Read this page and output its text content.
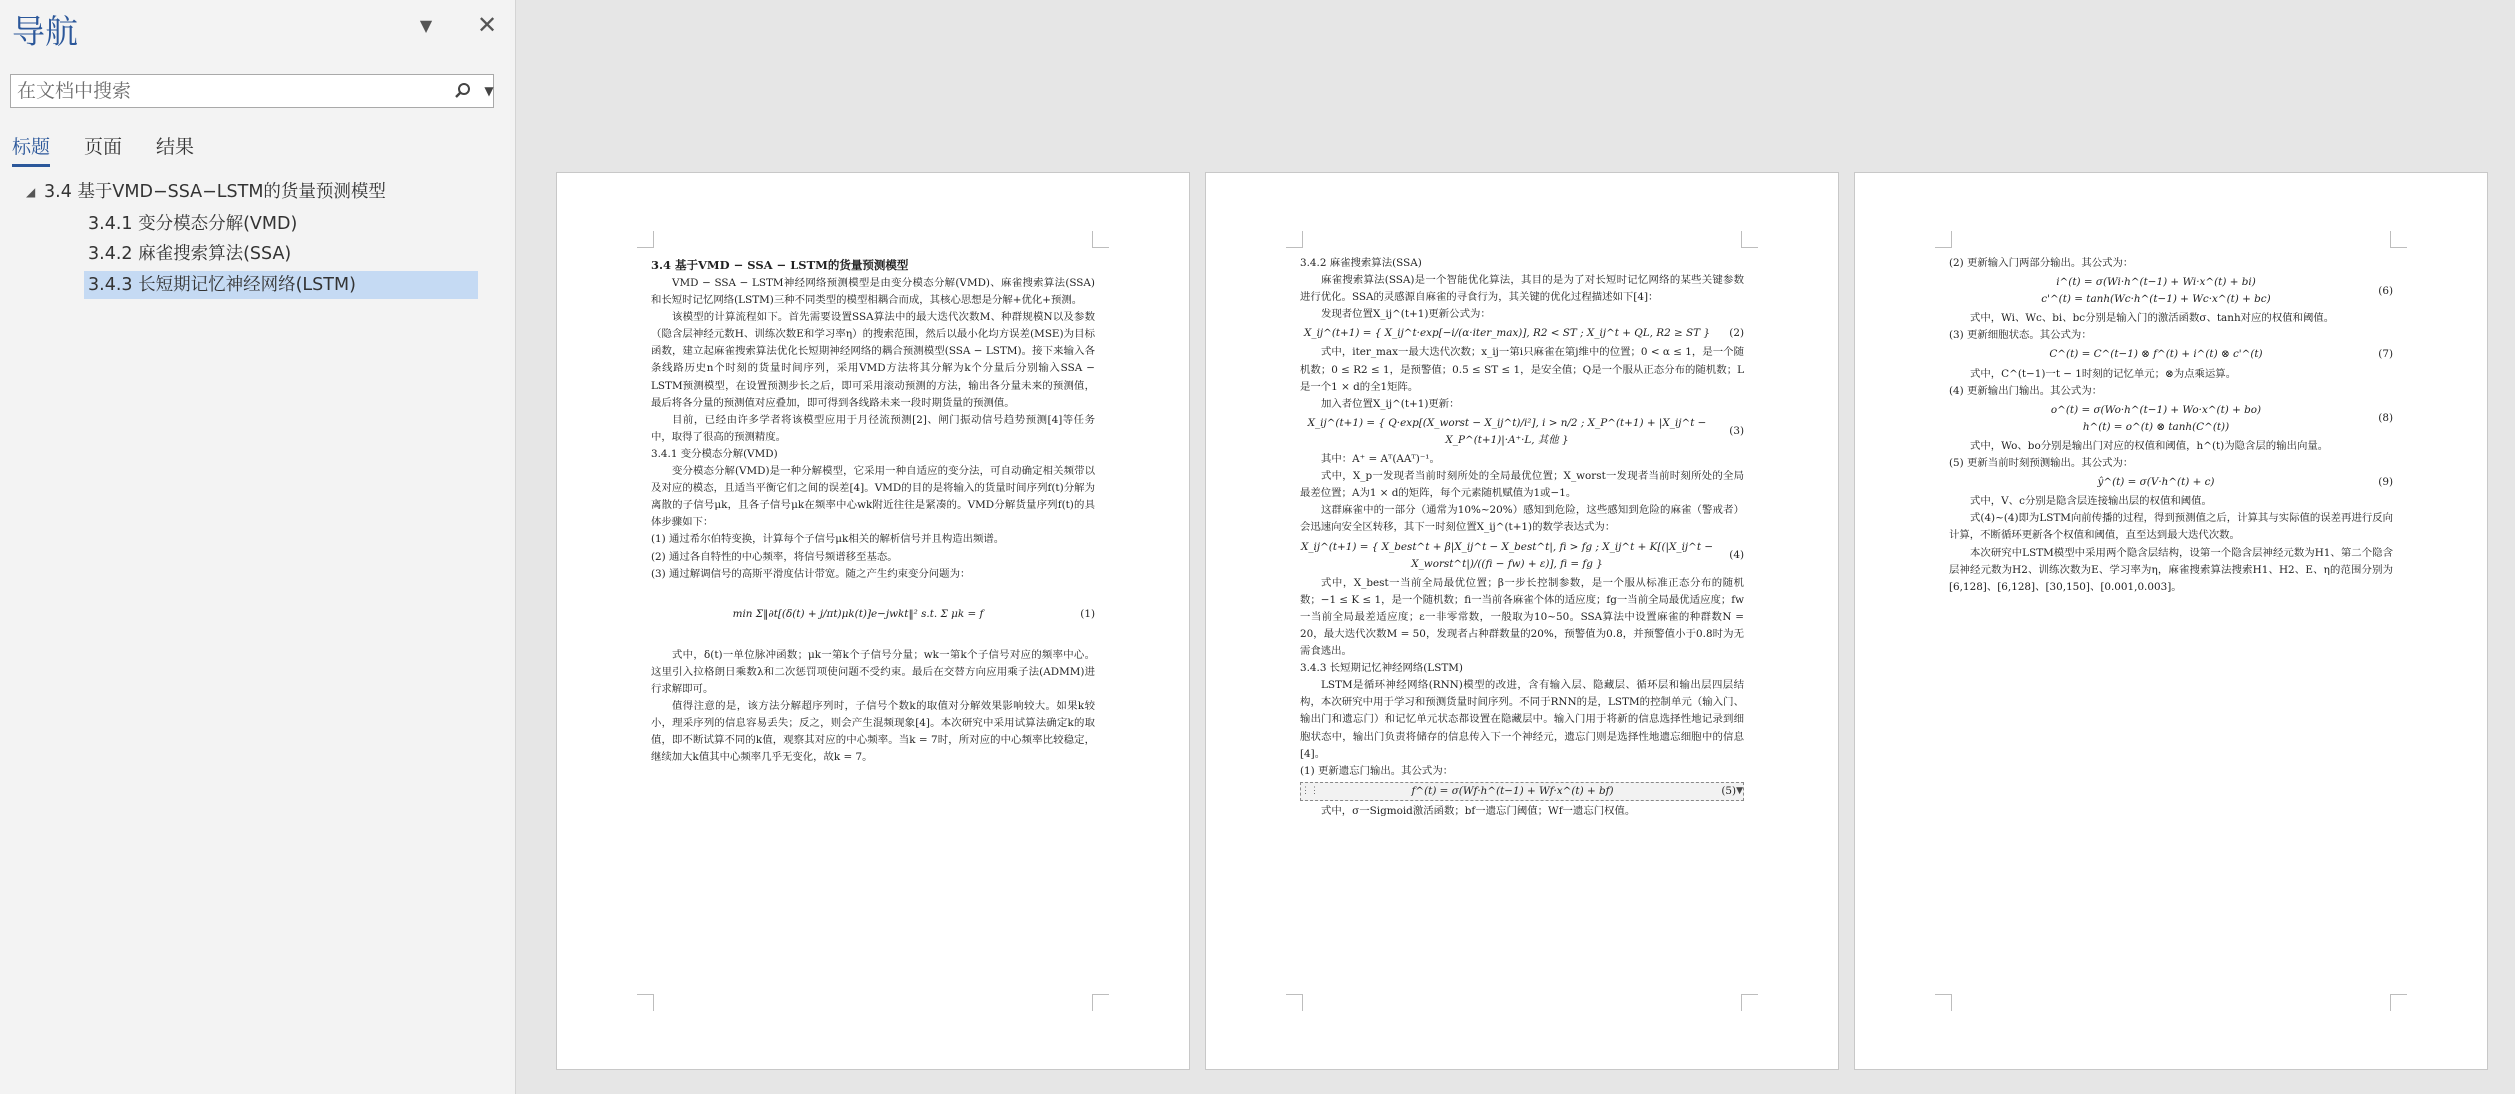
导航	▼ ✕
在文档中搜索
▼
标题 页面 结果
◢ 3.4 基于VMD−SSA−LSTM的货量预测模型
3.4.1 变分模态分解(VMD)
3.4.2 麻雀搜索算法(SSA)
3.4.3 长短期记忆神经网络(LSTM)
3.4 基于VMD − SSA − LSTM的货量预测模型

VMD − SSA − LSTM神经网络预测模型是由变分模态分解(VMD)、麻雀搜索算法(SSA)和长短时记忆网络(LSTM)三种不同类型的模型相耦合而成，其核心思想是分解+优化+预测。

该模型的计算流程如下。首先需要设置SSA算法中的最大迭代次数M、种群规模N以及参数（隐含层神经元数H、训练次数E和学习率η）的搜索范围，然后以最小化均方误差(MSE)为目标函数，建立起麻雀搜索算法优化长短期神经网络的耦合预测模型(SSA − LSTM)。接下来输入各条线路历史n个时刻的货量时间序列，采用VMD方法将其分解为k个分量后分别输入SSA − LSTM预测模型，在设置预测步长之后，即可采用滚动预测的方法，输出各分量未来的预测值，最后将各分量的预测值对应叠加，即可得到各线路未来一段时期货量的预测值。

目前，已经由许多学者将该模型应用于月径流预测[2]、闸门振动信号趋势预测[4]等任务中，取得了很高的预测精度。

3.4.1 变分模态分解(VMD)

变分模态分解(VMD)是一种分解模型，它采用一种自适应的变分法，可自动确定相关频带以及对应的模态，且适当平衡它们之间的误差[4]。VMD的目的是将输入的货量时间序列f(t)分解为离散的子信号μk，且各子信号μk在频率中心wk附近往往是紧凑的。VMD分解货量序列f(t)的具体步骤如下：

(1) 通过希尔伯特变换，计算每个子信号μk相关的解析信号并且构造出频谱。

(2) 通过各自特性的中心频率，将信号频谱移至基态。

(3) 通过解调信号的高斯平滑度估计带宽。随之产生约束变分问题为：

min Σ‖∂t[(δ(t) + j/πt)μk(t)]e−jwkt‖² s.t. Σ μk = f	(1)

式中，δ(t)一单位脉冲函数；μk一第k个子信号分量；wk一第k个子信号对应的频率中心。这里引入拉格朗日乘数λ和二次惩罚项使问题不受约束。最后在交替方向应用乘子法(ADMM)进行求解即可。

值得注意的是，该方法分解超序列时，子信号个数k的取值对分解效果影响较大。如果k较小，理采序列的信息容易丢失；反之，则会产生混频现象[4]。本次研究中采用试算法确定k的取值，即不断试算不同的k值，观察其对应的中心频率。当k = 7时，所对应的中心频率比较稳定，继续加大k值其中心频率几乎无变化，故k = 7。

3.4.2 麻雀搜索算法(SSA)

麻雀搜索算法(SSA)是一个智能优化算法，其目的是为了对长短时记忆网络的某些关键参数进行优化。SSA的灵感源自麻雀的寻食行为，其关键的优化过程描述如下[4]：

发现者位置X_ij^(t+1)更新公式为：

X_ij^(t+1) = { X_ij^t·exp[−i/(α·iter_max)], R2 < ST ; X_ij^t + QL, R2 ≥ ST }	(2)

式中，iter_max一最大迭代次数；x_ij一第i只麻雀在第j维中的位置；0 < α ≤ 1，是一个随机数；0 ≤ R2 ≤ 1，是预警值；0.5 ≤ ST ≤ 1，是安全值；Q是一个服从正态分布的随机数；L是一个1 × d的全1矩阵。

加入者位置X_ij^(t+1)更新：

X_ij^(t+1) = { Q·exp[(X_worst − X_ij^t)/i²], i > n/2 ; X_P^(t+1) + |X_ij^t − X_P^(t+1)|·A⁺·L, 其他 }
(3)

其中：A⁺ = Aᵀ(AAᵀ)⁻¹。

式中，X_p一发现者当前时刻所处的全局最优位置；X_worst一发现者当前时刻所处的全局最差位置；A为1 × d的矩阵，每个元素随机赋值为1或−1。

这群麻雀中的一部分（通常为10%~20%）感知到危险，这些感知到危险的麻雀（警戒者）会迅速向安全区转移，其下一时刻位置X_ij^(t+1)的数学表达式为：

X_ij^(t+1) = { X_best^t + β|X_ij^t − X_best^t|, fi > fg ; X_ij^t + K[(|X_ij^t − X_worst^t|)/((fi − fw) + ε)], fi = fg }
(4)

式中，X_best一当前全局最优位置；β一步长控制参数，是一个服从标准正态分布的随机数；−1 ≤ K ≤ 1，是一个随机数；fi一当前各麻雀个体的适应度；fg一当前全局最优适应度；fw一当前全局最差适应度；ε一非零常数，一般取为10~50。SSA算法中设置麻雀的种群数N = 20，最大迭代次数M = 50，发现者占种群数量的20%，预警值为0.8，并预警值小于0.8时为无需食逃出。

3.4.3 长短期记忆神经网络(LSTM)

LSTM是循环神经网络(RNN)模型的改进，含有输入层、隐藏层、循环层和输出层四层结构，本次研究中用于学习和预测货量时间序列。不同于RNN的是，LSTM的控制单元（输入门、输出门和遗忘门）和记忆单元状态都设置在隐藏层中。输入门用于将新的信息选择性地记录到细胞状态中，输出门负责将储存的信息传入下一个神经元，遗忘门则是选择性地遗忘细胞中的信息[4]。

(1) 更新遗忘门输出。其公式为：

⋮⋮	f^(t) = σ(Wf·h^(t−1) + Wf·x^(t) + bf)	(5) ▼

式中，σ一Sigmoid激活函数；bf一遗忘门阈值；Wf一遗忘门权值。

(2) 更新输入门两部分输出。其公式为：

i^(t) = σ(Wi·h^(t−1) + Wi·x^(t) + bi)
c'^(t) = tanh(Wc·h^(t−1) + Wc·x^(t) + bc)
(6)

式中，Wi、Wc、bi、bc分别是输入门的激活函数σ、tanh对应的权值和阈值。

(3) 更新细胞状态。其公式为：

C^(t) = C^(t−1) ⊗ f^(t) + i^(t) ⊗ c'^(t)	(7)

式中，C^(t−1)一t − 1时刻的记忆单元；⊗为点乘运算。

(4) 更新输出门输出。其公式为：

o^(t) = σ(Wo·h^(t−1) + Wo·x^(t) + bo)
h^(t) = o^(t) ⊗ tanh(C^(t))
(8)

式中，Wo、bo分别是输出门对应的权值和阈值，h^(t)为隐含层的输出向量。

(5) 更新当前时刻预测输出。其公式为：

ŷ^(t) = σ(V·h^(t) + c)	(9)

式中，V、c分别是隐含层连接输出层的权值和阈值。

式(4)~(4)即为LSTM向前传播的过程，得到预测值之后，计算其与实际值的误差再进行反向计算，不断循环更新各个权值和阈值，直至达到最大迭代次数。

本次研究中LSTM模型中采用两个隐含层结构，设第一个隐含层神经元数为H1、第二个隐含层神经元数为H2、训练次数为E、学习率为η，麻雀搜索算法搜索H1、H2、E、η的范围分别为[6,128]、[6,128]、[30,150]、[0.001,0.003]。
